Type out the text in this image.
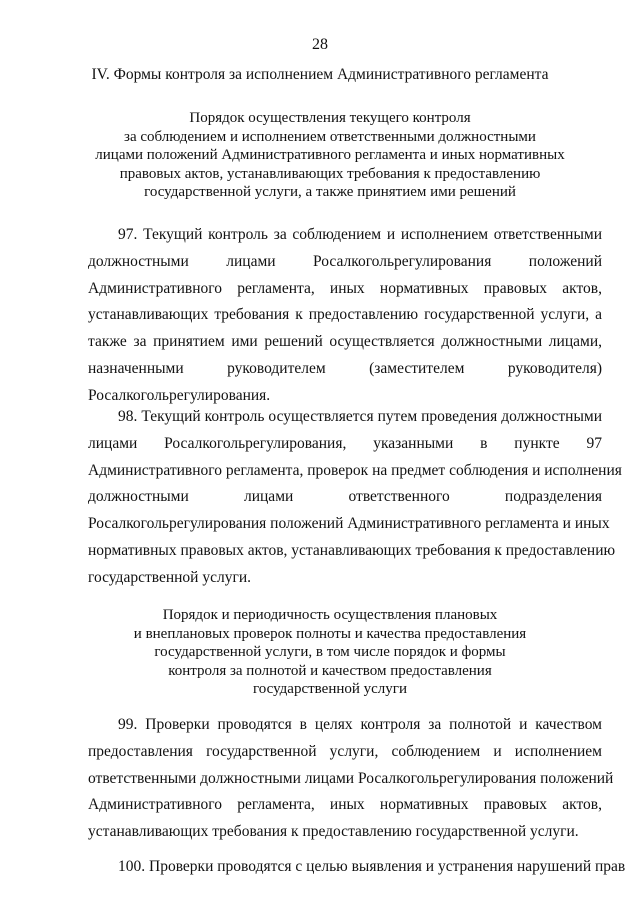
28
IV. Формы контроля за исполнением Административного регламента
Порядок осуществления текущего контроля
за соблюдением и исполнением ответственными должностными
лицами положений Административного регламента и иных нормативных
правовых актов, устанавливающих требования к предоставлению
государственной услуги, а также принятием ими решений
97. Текущий контроль за соблюдением и исполнением ответственными
должностными лицами Росалкогольрегулирования положений
Административного регламента, иных нормативных правовых актов,
устанавливающих требования к предоставлению государственной услуги, а
также за принятием ими решений осуществляется должностными лицами,
назначенными руководителем (заместителем руководителя)
Росалкогольрегулирования.
98. Текущий контроль осуществляется путем проведения должностными
лицами Росалкогольрегулирования, указанными в пункте 97
Административного регламента, проверок на предмет соблюдения и исполнения
должностными лицами ответственного подразделения
Росалкогольрегулирования положений Административного регламента и иных
нормативных правовых актов, устанавливающих требования к предоставлению
государственной услуги.
Порядок и периодичность осуществления плановых
и внеплановых проверок полноты и качества предоставления
государственной услуги, в том числе порядок и формы
контроля за полнотой и качеством предоставления
государственной услуги
99. Проверки проводятся в целях контроля за полнотой и качеством
предоставления государственной услуги, соблюдением и исполнением
ответственными должностными лицами Росалкогольрегулирования положений
Административного регламента, иных нормативных правовых актов,
устанавливающих требования к предоставлению государственной услуги.
100. Проверки проводятся с целью выявления и устранения нарушений прав
